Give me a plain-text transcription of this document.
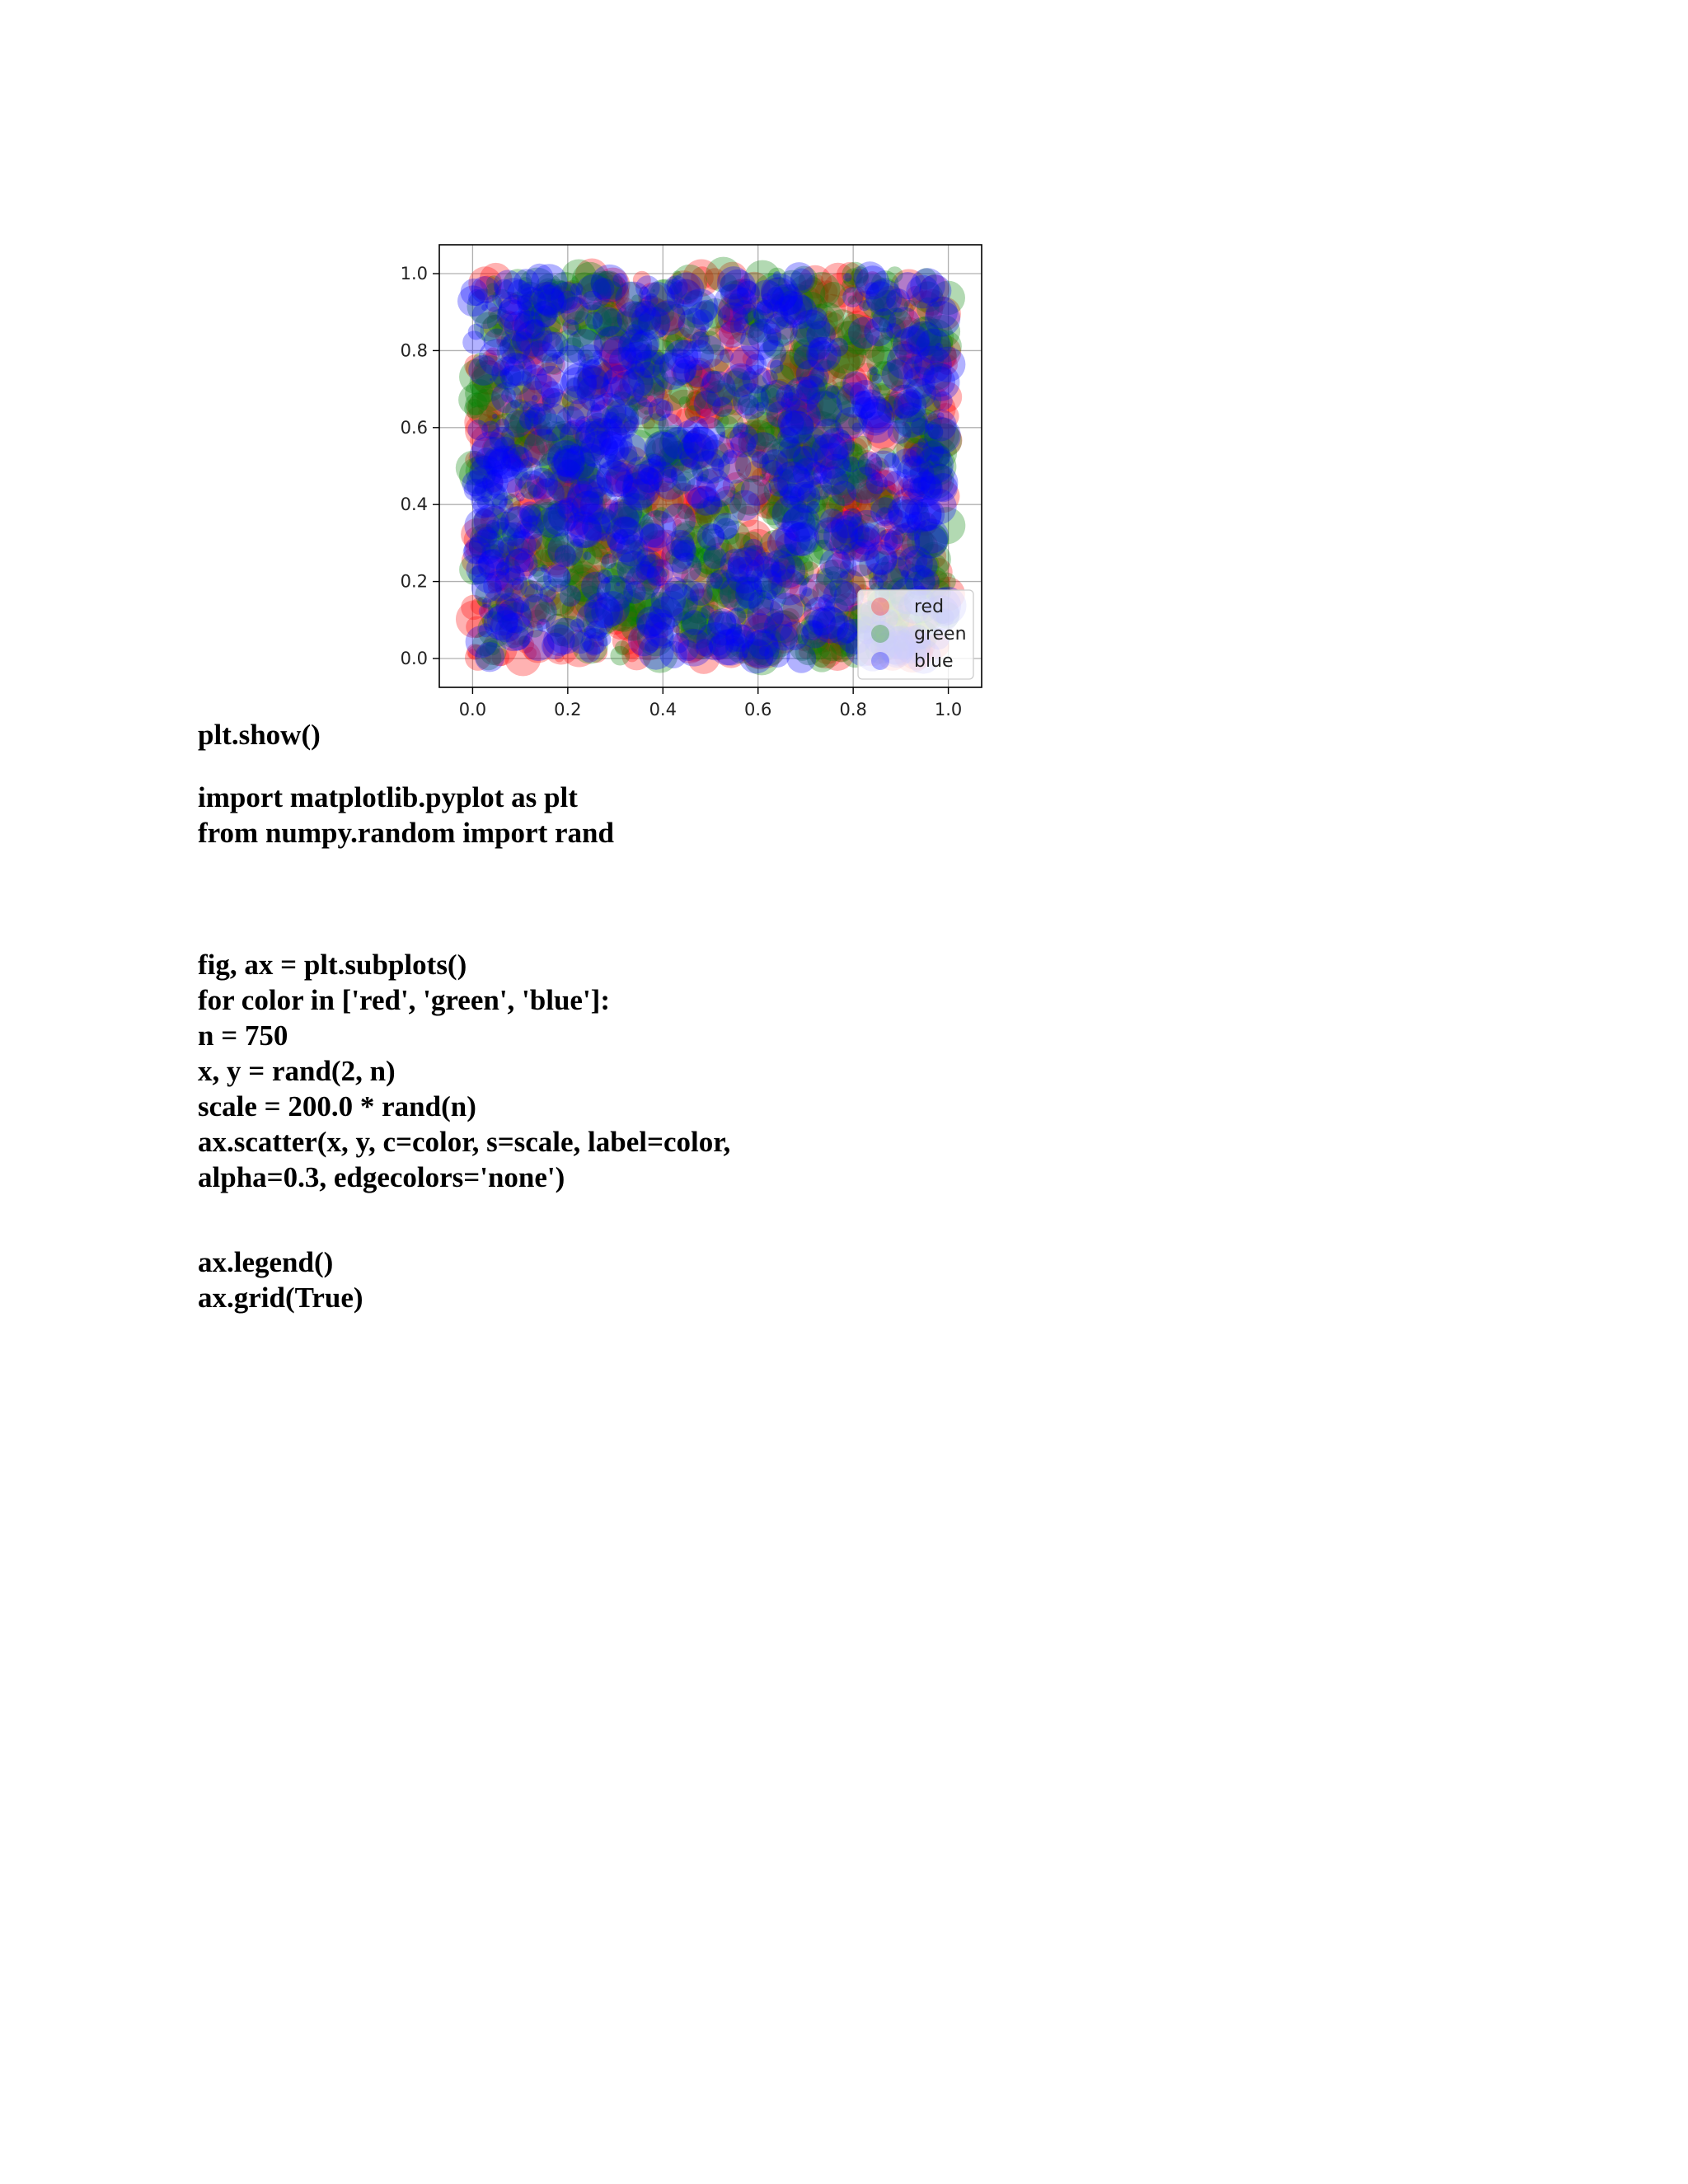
0.0	0.2	0.4	0.6	0.8	1.0
0.0
0.2
0.4
0.6
0.8
1.0
red
green
blue

plt.show()

import matplotlib.pyplot as plt

from numpy.random import rand

fig, ax = plt.subplots()

for color in ['red', 'green', 'blue']:

n = 750

x, y = rand(2, n)

scale = 200.0 * rand(n)

ax.scatter(x, y, c=color, s=scale, label=color,

alpha=0.3, edgecolors='none')

ax.legend()

ax.grid(True)
